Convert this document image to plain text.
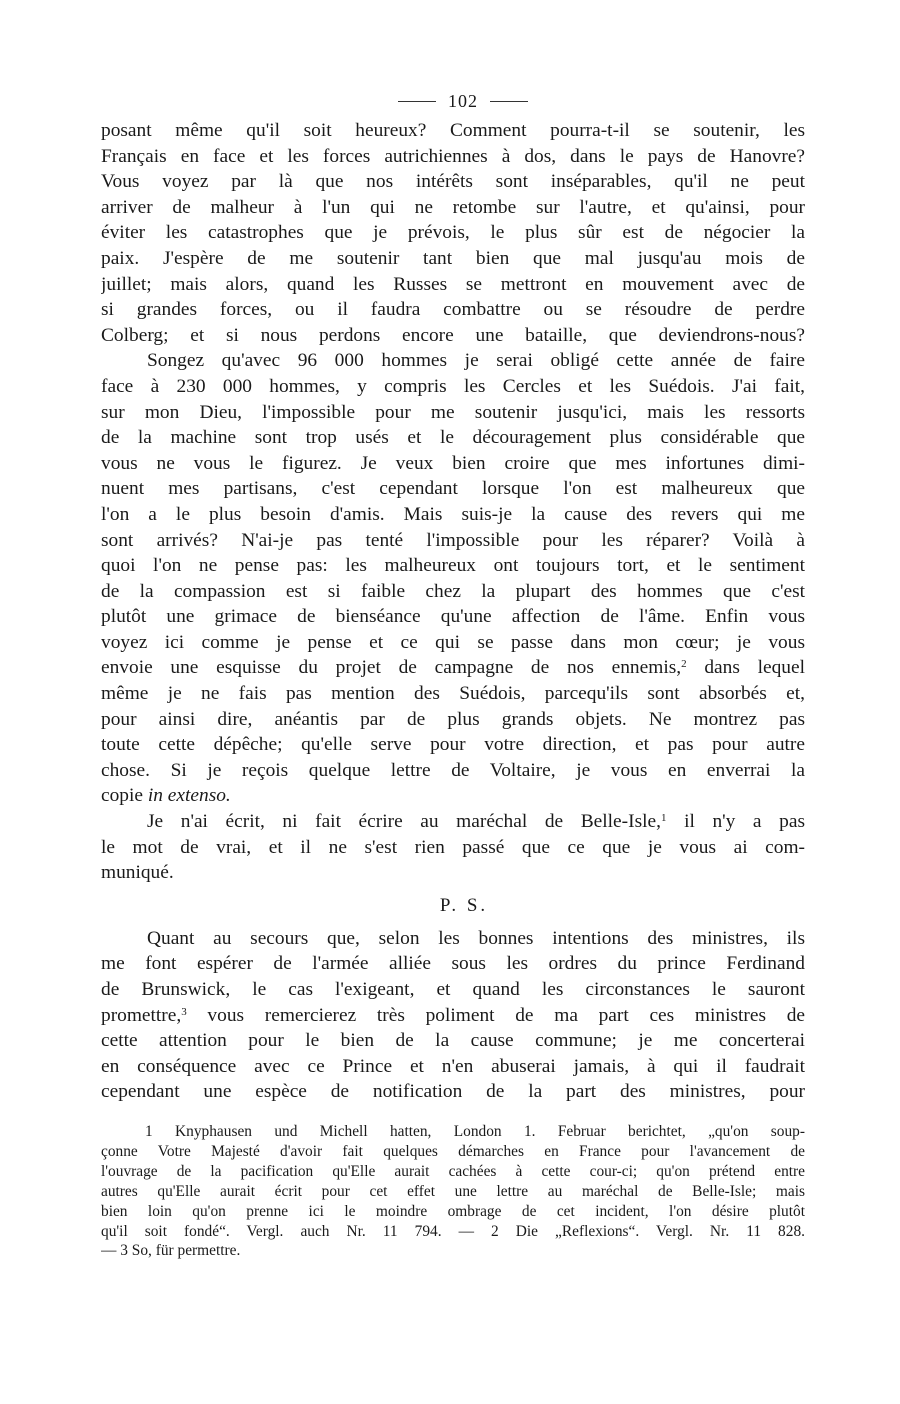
102

posant même qu'il soit heureux? Comment pourra-t-il se soutenir, les
Français en face et les forces autrichiennes à dos, dans le pays de Hanovre?
Vous voyez par là que nos intérêts sont inséparables, qu'il ne peut
arriver de malheur à l'un qui ne retombe sur l'autre, et qu'ainsi, pour
éviter les catastrophes que je prévois, le plus sûr est de négocier la
paix. J'espère de me soutenir tant bien que mal jusqu'au mois de
juillet; mais alors, quand les Russes se mettront en mouvement avec de
si grandes forces, ou il faudra combattre ou se résoudre de perdre
Colberg; et si nous perdons encore une bataille, que deviendrons-nous?

Songez qu'avec 96 000 hommes je serai obligé cette année de faire
face à 230 000 hommes, y compris les Cercles et les Suédois. J'ai fait,
sur mon Dieu, l'impossible pour me soutenir jusqu'ici, mais les ressorts
de la machine sont trop usés et le découragement plus considérable que
vous ne vous le figurez. Je veux bien croire que mes infortunes dimi-
nuent mes partisans, c'est cependant lorsque l'on est malheureux que
l'on a le plus besoin d'amis. Mais suis-je la cause des revers qui me
sont arrivés? N'ai-je pas tenté l'impossible pour les réparer? Voilà à
quoi l'on ne pense pas: les malheureux ont toujours tort, et le sentiment
de la compassion est si faible chez la plupart des hommes que c'est
plutôt une grimace de bienséance qu'une affection de l'âme. Enfin vous
voyez ici comme je pense et ce qui se passe dans mon cœur; je vous
envoie une esquisse du projet de campagne de nos ennemis,$^2$ dans lequel
même je ne fais pas mention des Suédois, parcequ'ils sont absorbés et,
pour ainsi dire, anéantis par de plus grands objets. Ne montrez pas
toute cette dépêche; qu'elle serve pour votre direction, et pas pour autre
chose. Si je reçois quelque lettre de Voltaire, je vous en enverrai la
copie in extenso.

Je n'ai écrit, ni fait écrire au maréchal de Belle-Isle,$^1$ il n'y a pas
le mot de vrai, et il ne s'est rien passé que ce que je vous ai com-
muniqué.

P. S.

Quant au secours que, selon les bonnes intentions des ministres, ils
me font espérer de l'armée alliée sous les ordres du prince Ferdinand
de Brunswick, le cas l'exigeant, et quand les circonstances le sauront
promettre,$^3$ vous remercierez très poliment de ma part ces ministres de
cette attention pour le bien de la cause commune; je me concerterai
en conséquence avec ce Prince et n'en abuserai jamais, à qui il faudrait
cependant une espèce de notification de la part des ministres, pour

1 Knyphausen und Michell hatten, London 1. Februar berichtet, „qu'on soup-
çonne Votre Majesté d'avoir fait quelques démarches en France pour l'avancement de
l'ouvrage de la pacification qu'Elle aurait cachées à cette cour-ci; qu'on prétend entre
autres qu'Elle aurait écrit pour cet effet une lettre au maréchal de Belle-Isle; mais
bien loin qu'on prenne ici le moindre ombrage de cet incident, l'on désire plutôt
qu'il soit fondé“. Vergl. auch Nr. 11 794. — 2 Die „Reflexions“. Vergl. Nr. 11 828.
— 3 So, für permettre.
